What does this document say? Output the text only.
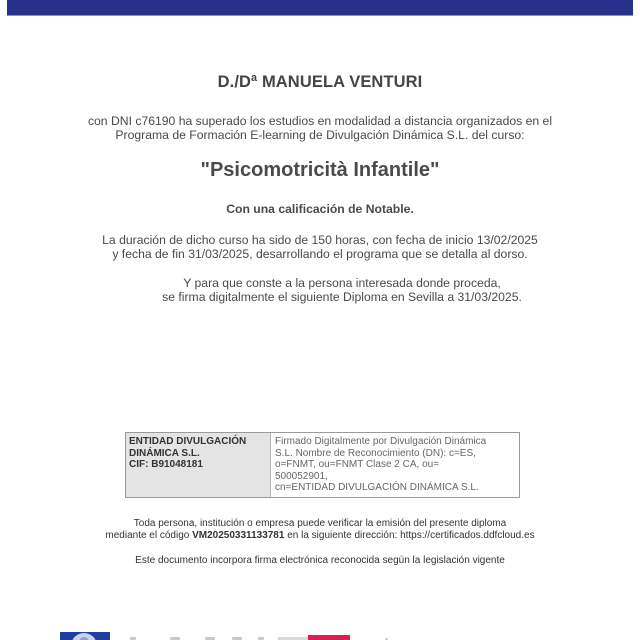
D./Dª MANUELA VENTURI
con DNI c76190 ha superado los estudios en modalidad a distancia organizados en el
Programa de Formación E-learning de Divulgación Dinámica S.L. del curso:
"Psicomotricità Infantile"
Con una calificación de Notable.
La duración de dicho curso ha sido de 150 horas, con fecha de inicio 13/02/2025
y fecha de fin 31/03/2025, desarrollando el programa que se detalla al dorso.
Y para que conste a la persona interesada donde proceda,
se firma digitalmente el siguiente Diploma en Sevilla a 31/03/2025.
ENTIDAD DIVULGACIÓN
DINÁMICA S.L.
CIF: B91048181
Firmado Digitalmente por Divulgación Dinámica
S.L. Nombre de Reconocimiento (DN): c=ES,
o=FNMT, ou=FNMT Clase 2 CA, ou=
500052901,
cn=ENTIDAD DIVULGACIÓN DINÁMICA S.L.
Toda persona, institución o empresa puede verificar la emisión del presente diploma
mediante el código VM20250331133781 en la siguiente dirección: https://certificados.ddfcloud.es
Este documento incorpora firma electrónica reconocida según la legislación vigente
